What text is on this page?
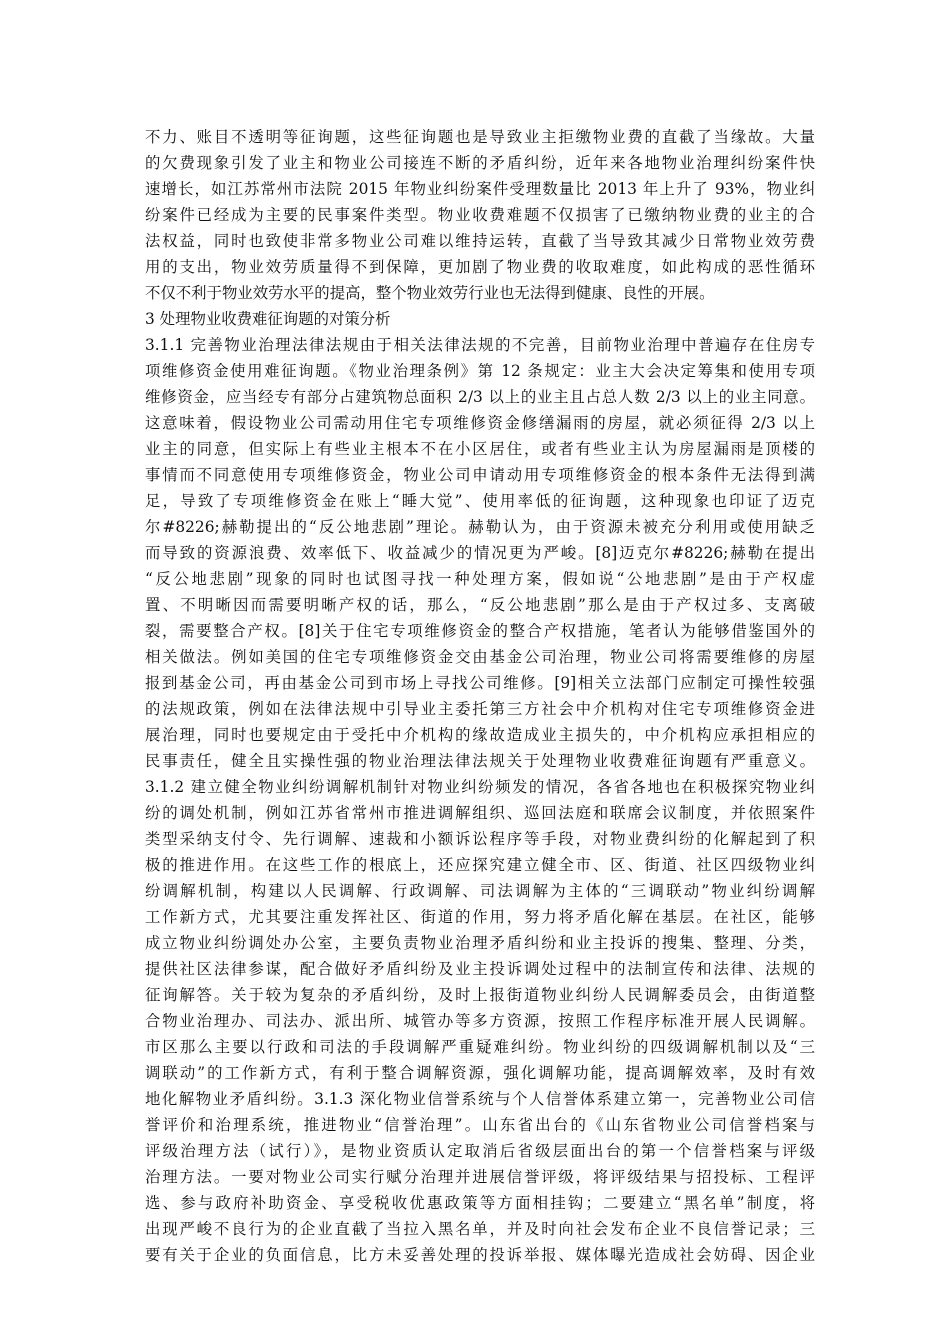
不力、账目不透明等征询题，这些征询题也是导致业主拒缴物业费的直截了当缘故。大量
的欠费现象引发了业主和物业公司接连不断的矛盾纠纷，近年来各地物业治理纠纷案件快
速增长，如江苏常州市法院 2015 年物业纠纷案件受理数量比 2013 年上升了 93%，物业纠
纷案件已经成为主要的民事案件类型。物业收费难题不仅损害了已缴纳物业费的业主的合
法权益，同时也致使非常多物业公司难以维持运转，直截了当导致其减少日常物业效劳费
用的支出，物业效劳质量得不到保障，更加剧了物业费的收取难度，如此构成的恶性循环
不仅不利于物业效劳水平的提高，整个物业效劳行业也无法得到健康、良性的开展。
3 处理物业收费难征询题的对策分析
3.1.1 完善物业治理法律法规由于相关法律法规的不完善，目前物业治理中普遍存在住房专
项维修资金使用难征询题。《物业治理条例》第 12 条规定：业主大会决定筹集和使用专项
维修资金，应当经专有部分占建筑物总面积 2/3 以上的业主且占总人数 2/3 以上的业主同意。
这意味着，假设物业公司需动用住宅专项维修资金修缮漏雨的房屋，就必须征得 2/3 以上
业主的同意，但实际上有些业主根本不在小区居住，或者有些业主认为房屋漏雨是顶楼的
事情而不同意使用专项维修资金，物业公司申请动用专项维修资金的根本条件无法得到满
足，导致了专项维修资金在账上“睡大觉”、使用率低的征询题，这种现象也印证了迈克
尔#8226;赫勒提出的“反公地悲剧”理论。赫勒认为，由于资源未被充分利用或使用缺乏
而导致的资源浪费、效率低下、收益减少的情况更为严峻。[8]迈克尔#8226;赫勒在提出
“反公地悲剧”现象的同时也试图寻找一种处理方案，假如说“公地悲剧”是由于产权虚
置、不明晰因而需要明晰产权的话，那么，“反公地悲剧”那么是由于产权过多、支离破
裂，需要整合产权。[8]关于住宅专项维修资金的整合产权措施，笔者认为能够借鉴国外的
相关做法。例如美国的住宅专项维修资金交由基金公司治理，物业公司将需要维修的房屋
报到基金公司，再由基金公司到市场上寻找公司维修。[9]相关立法部门应制定可操性较强
的法规政策，例如在法律法规中引导业主委托第三方社会中介机构对住宅专项维修资金进
展治理，同时也要规定由于受托中介机构的缘故造成业主损失的，中介机构应承担相应的
民事责任，健全且实操性强的物业治理法律法规关于处理物业收费难征询题有严重意义。
3.1.2 建立健全物业纠纷调解机制针对物业纠纷频发的情况，各省各地也在积极探究物业纠
纷的调处机制，例如江苏省常州市推进调解组织、巡回法庭和联席会议制度，并依照案件
类型采纳支付令、先行调解、速裁和小额诉讼程序等手段，对物业费纠纷的化解起到了积
极的推进作用。在这些工作的根底上，还应探究建立健全市、区、街道、社区四级物业纠
纷调解机制，构建以人民调解、行政调解、司法调解为主体的“三调联动”物业纠纷调解
工作新方式，尤其要注重发挥社区、街道的作用，努力将矛盾化解在基层。在社区，能够
成立物业纠纷调处办公室，主要负责物业治理矛盾纠纷和业主投诉的搜集、整理、分类，
提供社区法律参谋，配合做好矛盾纠纷及业主投诉调处过程中的法制宣传和法律、法规的
征询解答。关于较为复杂的矛盾纠纷，及时上报街道物业纠纷人民调解委员会，由街道整
合物业治理办、司法办、派出所、城管办等多方资源，按照工作程序标准开展人民调解。
市区那么主要以行政和司法的手段调解严重疑难纠纷。物业纠纷的四级调解机制以及“三
调联动”的工作新方式，有利于整合调解资源，强化调解功能，提高调解效率，及时有效
地化解物业矛盾纠纷。3.1.3 深化物业信誉系统与个人信誉体系建立第一，完善物业公司信
誉评价和治理系统，推进物业“信誉治理”。山东省出台的《山东省物业公司信誉档案与
评级治理方法（试行）》，是物业资质认定取消后省级层面出台的第一个信誉档案与评级
治理方法。一要对物业公司实行赋分治理并进展信誉评级，将评级结果与招投标、工程评
选、参与政府补助资金、享受税收优惠政策等方面相挂钩；二要建立“黑名单”制度，将
出现严峻不良行为的企业直截了当拉入黑名单，并及时向社会发布企业不良信誉记录；三
要有关于企业的负面信息，比方未妥善处理的投诉举报、媒体曝光造成社会妨碍、因企业
